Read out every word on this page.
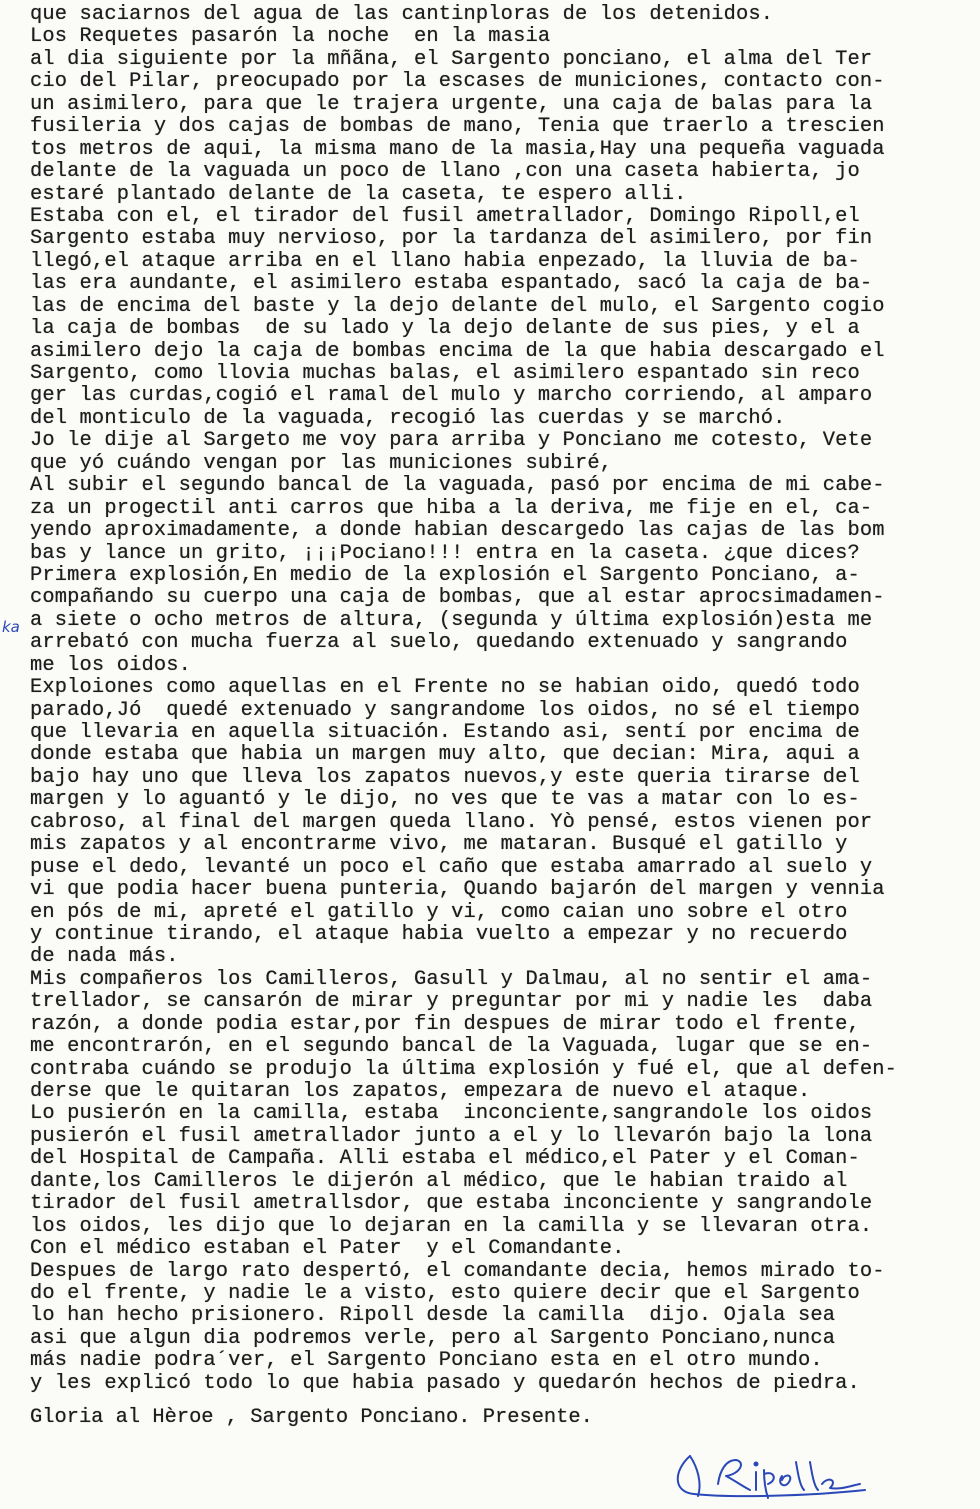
que saciarnos del agua de las cantinploras de los detenidos.
Los Requetes pasarón la noche  en la masia
al dia siguiente por la mñãna, el Sargento ponciano, el alma del Ter
cio del Pilar, preocupado por la escases de municiones, contacto con-
un asimilero, para que le trajera urgente, una caja de balas para la
fusileria y dos cajas de bombas de mano, Tenia que traerlo a trescien
tos metros de aqui, la misma mano de la masia,Hay una pequeña vaguada
delante de la vaguada un poco de llano ,con una caseta habierta, jo
estaré plantado delante de la caseta, te espero alli.
Estaba con el, el tirador del fusil ametrallador, Domingo Ripoll,el
Sargento estaba muy nervioso, por la tardanza del asimilero, por fin
llegó,el ataque arriba en el llano habia enpezado, la lluvia de ba-
las era aundante, el asimilero estaba espantado, sacó la caja de ba-
las de encima del baste y la dejo delante del mulo, el Sargento cogio
la caja de bombas  de su lado y la dejo delante de sus pies, y el a
asimilero dejo la caja de bombas encima de la que habia descargado el
Sargento, como llovia muchas balas, el asimilero espantado sin reco
ger las curdas,cogió el ramal del mulo y marcho corriendo, al amparo
del monticulo de la vaguada, recogió las cuerdas y se marchó.
Jo le dije al Sargeto me voy para arriba y Ponciano me cotesto, Vete
que yó cuándo vengan por las municiones subiré,
Al subir el segundo bancal de la vaguada, pasó por encima de mi cabe-
za un progectil anti carros que hiba a la deriva, me fije en el, ca-
yendo aproximadamente, a donde habian descargedo las cajas de las bom
bas y lance un grito, ¡¡¡Pociano!!! entra en la caseta. ¿que dices?
Primera explosión,En medio de la explosión el Sargento Ponciano, a-
compañando su cuerpo una caja de bombas, que al estar aprocsimadamen-
a siete o ocho metros de altura, (segunda y última explosión)esta me
arrebató con mucha fuerza al suelo, quedando extenuado y sangrando
me los oidos.
Exploiones como aquellas en el Frente no se habian oido, quedó todo
parado,Jó  quedé extenuado y sangrandome los oidos, no sé el tiempo
que llevaria en aquella situación. Estando asi, sentí por encima de
donde estaba que habia un margen muy alto, que decian: Mira, aqui a
bajo hay uno que lleva los zapatos nuevos,y este queria tirarse del
margen y lo aguantó y le dijo, no ves que te vas a matar con lo es-
cabroso, al final del margen queda llano. Yò pensé, estos vienen por
mis zapatos y al encontrarme vivo, me mataran. Busqué el gatillo y
puse el dedo, levanté un poco el caño que estaba amarrado al suelo y
vi que podia hacer buena punteria, Quando bajarón del margen y vennia
en pós de mi, apreté el gatillo y vi, como caian uno sobre el otro
y continue tirando, el ataque habia vuelto a empezar y no recuerdo
de nada más.
Mis compañeros los Camilleros, Gasull y Dalmau, al no sentir el ama-
trellador, se cansarón de mirar y preguntar por mi y nadie les  daba
razón, a donde podia estar,por fin despues de mirar todo el frente,
me encontrarón, en el segundo bancal de la Vaguada, lugar que se en-
contraba cuándo se produjo la última explosión y fué el, que al defen-
derse que le quitaran los zapatos, empezara de nuevo el ataque.
Lo pusierón en la camilla, estaba  inconciente,sangrandole los oidos
pusierón el fusil ametrallador junto a el y lo llevarón bajo la lona
del Hospital de Campaña. Alli estaba el médico,el Pater y el Coman-
dante,los Camilleros le dijerón al médico, que le habian traido al
tirador del fusil ametrallsdor, que estaba inconciente y sangrandole
los oidos, les dijo que lo dejaran en la camilla y se llevaran otra.
Con el médico estaban el Pater  y el Comandante.
Despues de largo rato despertó, el comandante decia, hemos mirado to-
do el frente, y nadie le a visto, esto quiere decir que el Sargento
lo han hecho prisionero. Ripoll desde la camilla  dijo. Ojala sea
asi que algun dia podremos verle, pero al Sargento Ponciano,nunca
más nadie podra´ver, el Sargento Ponciano esta en el otro mundo.
y les explicó todo lo que habia pasado y quedarón hechos de piedra.
ka
Gloria al Hèroe , Sargento Ponciano. Presente.
